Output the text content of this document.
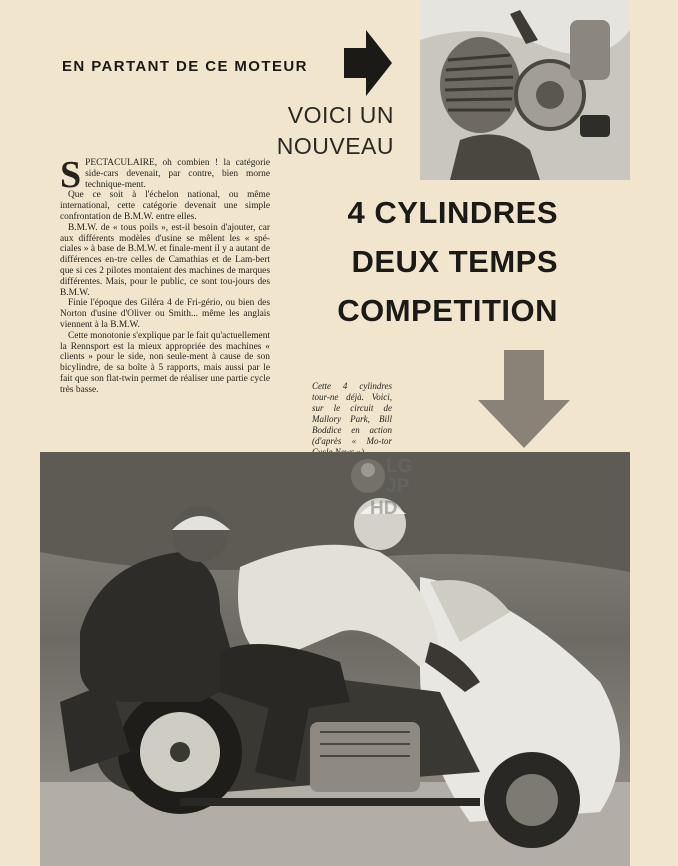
EN PARTANT DE CE MOTEUR
VOICI UN
NOUVEAU
4 CYLINDRES
DEUX TEMPS
COMPETITION

SPECTACULAIRE, oh combien ! la catégorie side-cars devenait, par contre, bien morne technique-ment.

Que ce soit à l'échelon national, ou même international, cette catégorie devenait une simple confrontation de B.M.W. entre elles.

B.M.W. de « tous poils », est-il besoin d'ajouter, car aux différents modèles d'usine se mêlent les « spé-ciales » à base de B.M.W. et finale-ment il y a autant de différences en-tre celles de Camathias et de Lam-bert que si ces 2 pilotes montaient des machines de marques différentes. Mais, pour le public, ce sont tou-jours des B.M.W.

Finie l'époque des Giléra 4 de Fri-gério, ou bien des Norton d'usine d'Oliver ou Smith... même les anglais viennent à la B.M.W.

Cette monotonie s'explique par le fait qu'actuellement la Rennsport est la mieux appropriée des machines « clients » pour le side, non seule-ment à cause de son bicylindre, de sa boîte à 5 rapports, mais aussi par le fait que son flat-twin permet de réaliser une partie cycle très basse.	Cette 4 cylindres tour-ne déjà. Voici, sur le circuit de Mallory Park, Bill Boddice en action (d'après « Mo-tor
LG
JP
HD
